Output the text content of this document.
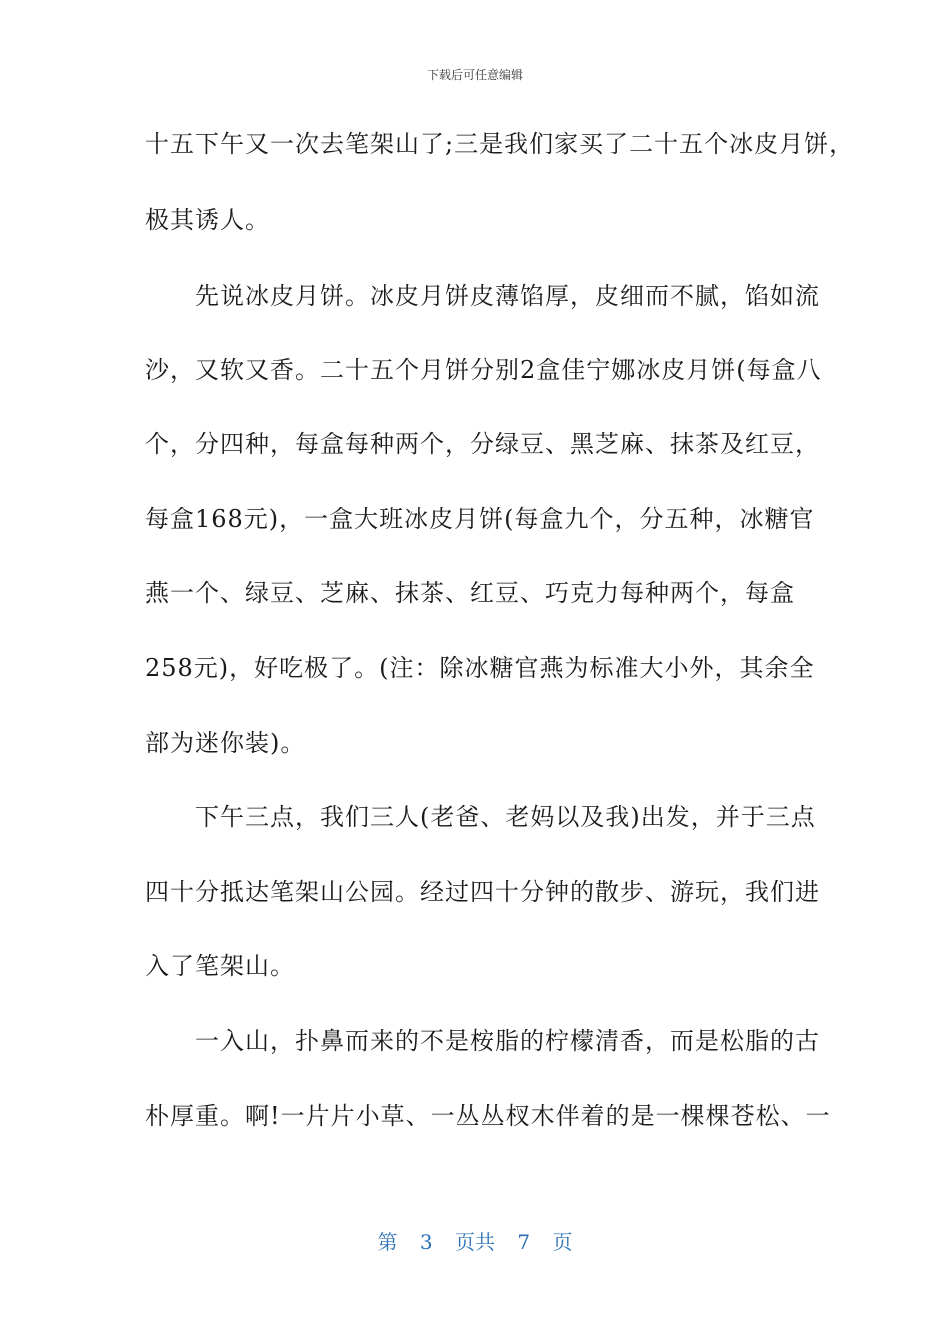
下载后可任意编辑
十五下午又一次去笔架山了;三是我们家买了二十五个冰皮月饼，
极其诱人。
　　先说冰皮月饼。冰皮月饼皮薄馅厚，皮细而不腻，馅如流
沙，又软又香。二十五个月饼分别2盒佳宁娜冰皮月饼(每盒八
个，分四种，每盒每种两个，分绿豆、黑芝麻、抹茶及红豆，
每盒168元)，一盒大班冰皮月饼(每盒九个，分五种，冰糖官
燕一个、绿豆、芝麻、抹茶、红豆、巧克力每种两个，每盒
258元)，好吃极了。(注：除冰糖官燕为标准大小外，其余全
部为迷你装)。
　　下午三点，我们三人(老爸、老妈以及我)出发，并于三点
四十分抵达笔架山公园。经过四十分钟的散步、游玩，我们进
入了笔架山。
　　一入山，扑鼻而来的不是桉脂的柠檬清香，而是松脂的古
朴厚重。啊!一片片小草、一丛丛杈木伴着的是一棵棵苍松、一
第 3 页共 7 页
